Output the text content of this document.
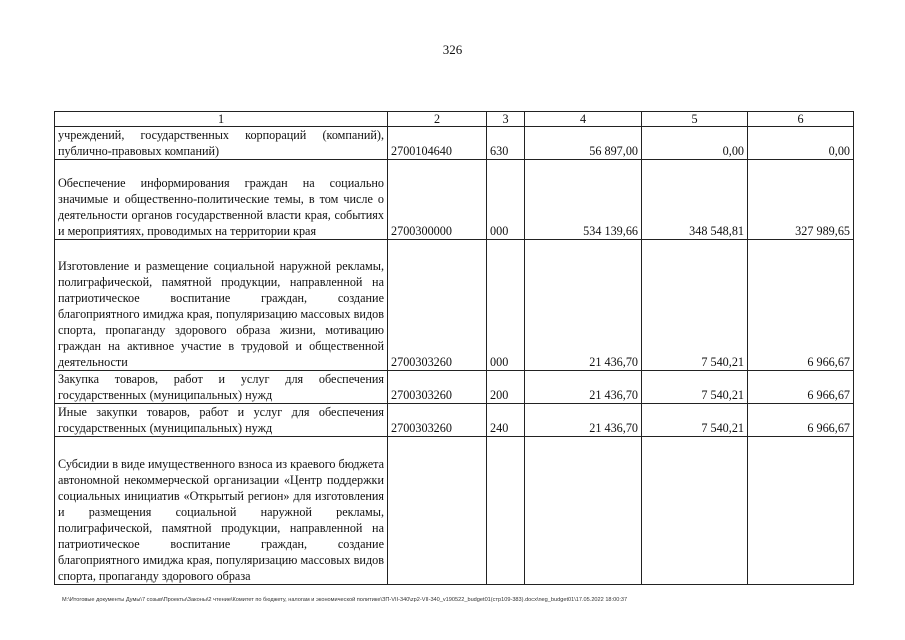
326
1	2	3	4	5	6
учреждений, государственных корпораций (компаний), публично-правовых компаний)	2700104640	630	56 897,00	0,00	0,00
Обеспечение информирования граждан на социально значимые и общественно-политические темы, в том числе о деятельности органов государственной власти края, событиях и мероприятиях, проводимых на территории края	2700300000	000	534 139,66	348 548,81	327 989,65
Изготовление и размещение социальной наружной рекламы, полиграфической, памятной продукции, направленной на патриотическое воспитание граждан, создание благоприятного имиджа края, популяризацию массовых видов спорта, пропаганду здорового образа жизни, мотивацию граждан на активное участие в трудовой и общественной деятельности	2700303260	000	21 436,70	7 540,21	6 966,67
Закупка товаров, работ и услуг для обеспечения государственных (муниципальных) нужд	2700303260	200	21 436,70	7 540,21	6 966,67
Иные закупки товаров, работ и услуг для обеспечения государственных (муниципальных) нужд	2700303260	240	21 436,70	7 540,21	6 966,67
Субсидии в виде имущественного взноса из краевого бюджета автономной некоммерческой организации «Центр поддержки социальных инициатив «Открытый регион» для изготовления и размещения социальной наружной рекламы, полиграфической, памятной продукции, направленной на патриотическое воспитание граждан, создание благоприятного имиджа края, популяризацию массовых видов спорта, пропаганду здорового образа					
М:\Итоговые документы Думы\7 созыв\Проекты\Законы\2 чтение\Комитет по бюджету, налогам и экономической политике\ЗП-VII-340\zp2-VII-340_v190522_budget01(стр109-383).docx\neg_budget01\17.05.2022 18:00:37
